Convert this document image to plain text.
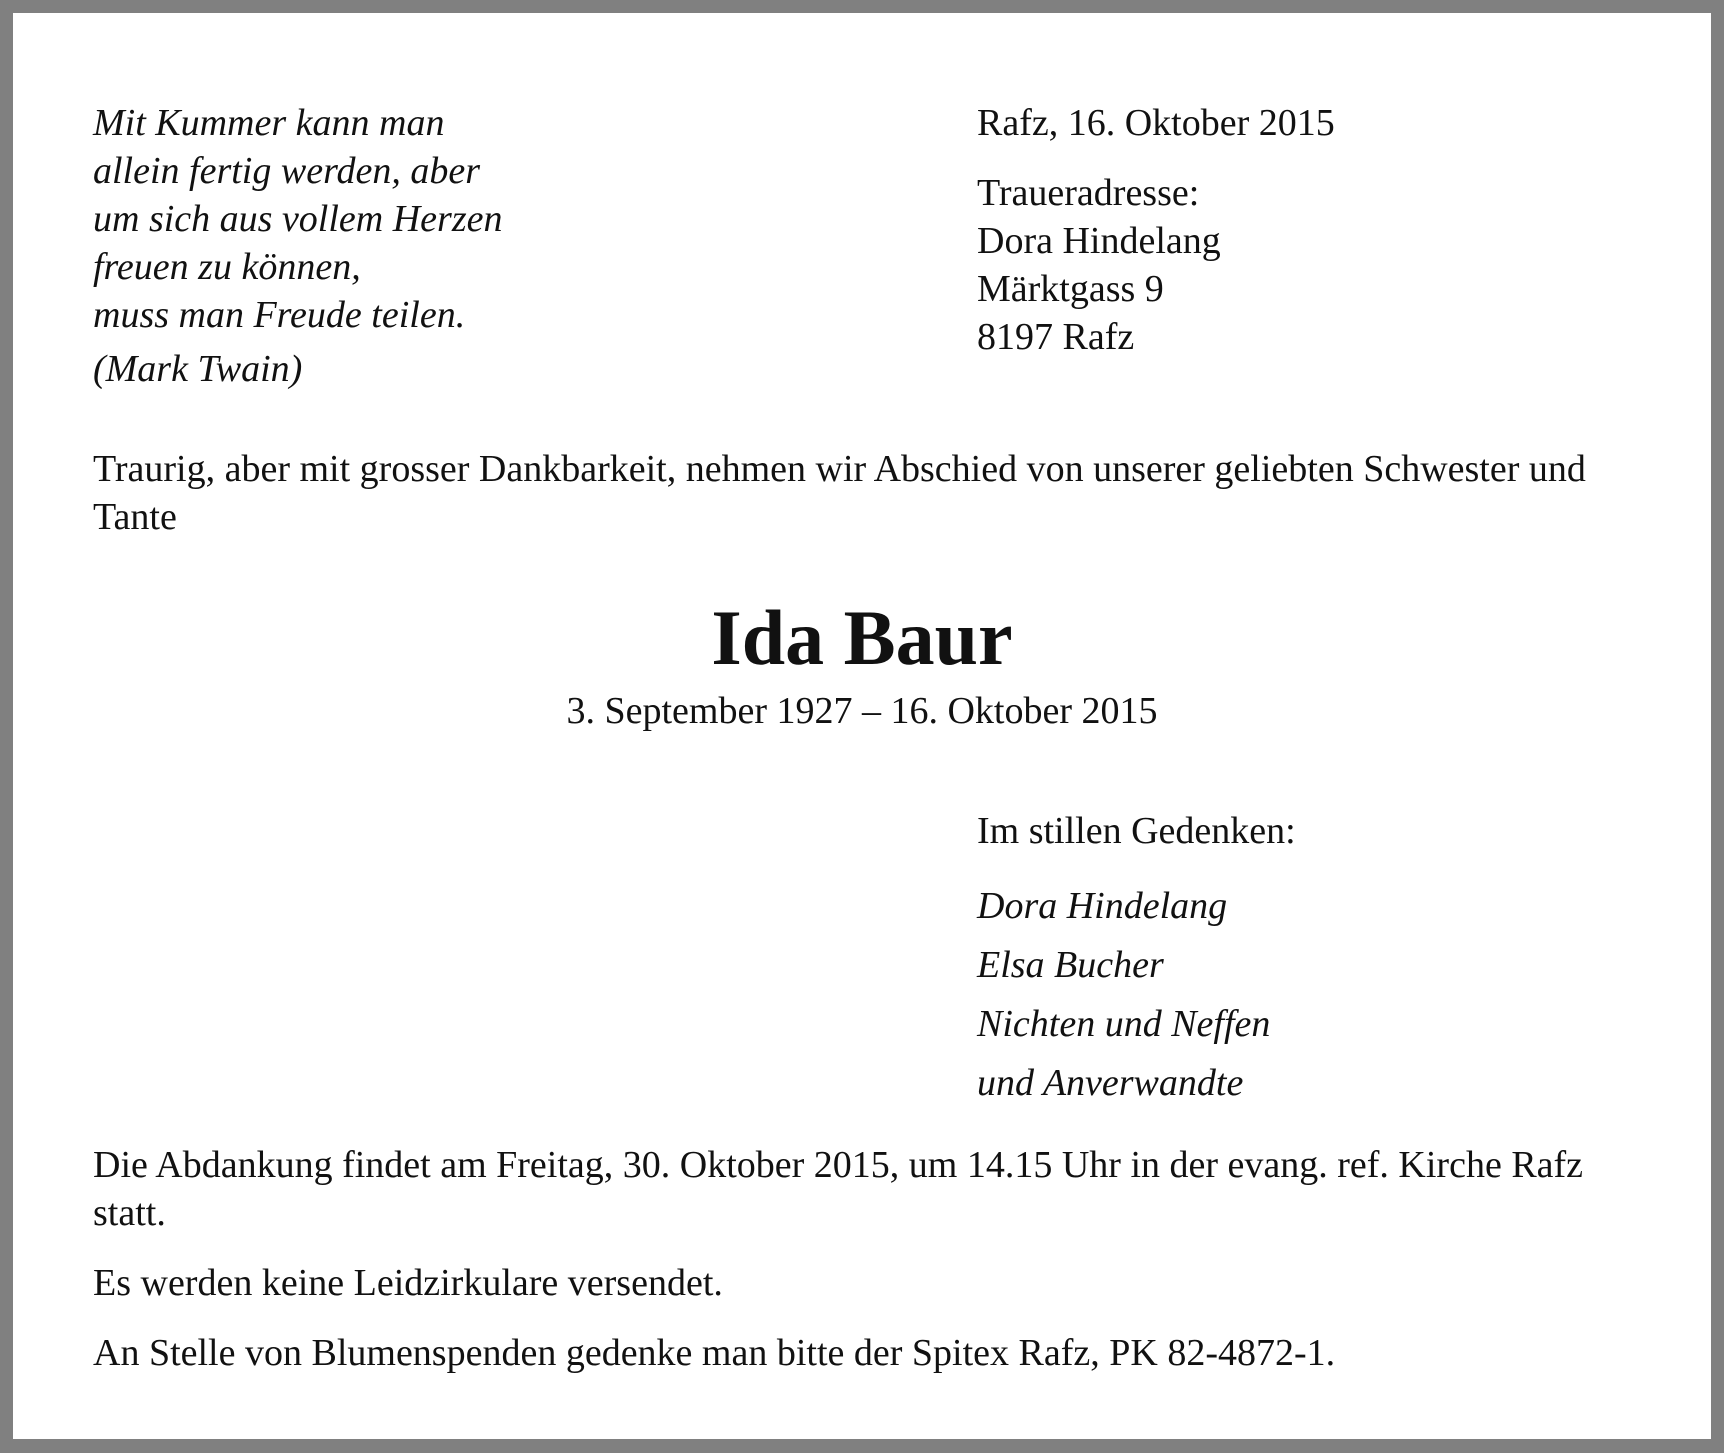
Mit Kummer kann man
allein fertig werden, aber
um sich aus vollem Herzen
freuen zu können,
muss man Freude teilen.
(Mark Twain)

Rafz, 16. Oktober 2015

Traueradresse:
Dora Hindelang
Märktgass 9
8197 Rafz

Traurig, aber mit grosser Dankbarkeit, nehmen wir Abschied von unserer geliebten Schwester und Tante

Ida Baur

3. September 1927 – 16. Oktober 2015

Im stillen Gedenken:

Dora Hindelang
Elsa Bucher
Nichten und Neffen
und Anverwandte

Die Abdankung findet am Freitag, 30. Oktober 2015, um 14.15 Uhr in der evang. ref. Kirche Rafz statt.

Es werden keine Leidzirkulare versendet.

An Stelle von Blumenspenden gedenke man bitte der Spitex Rafz, PK 82-4872-1.
